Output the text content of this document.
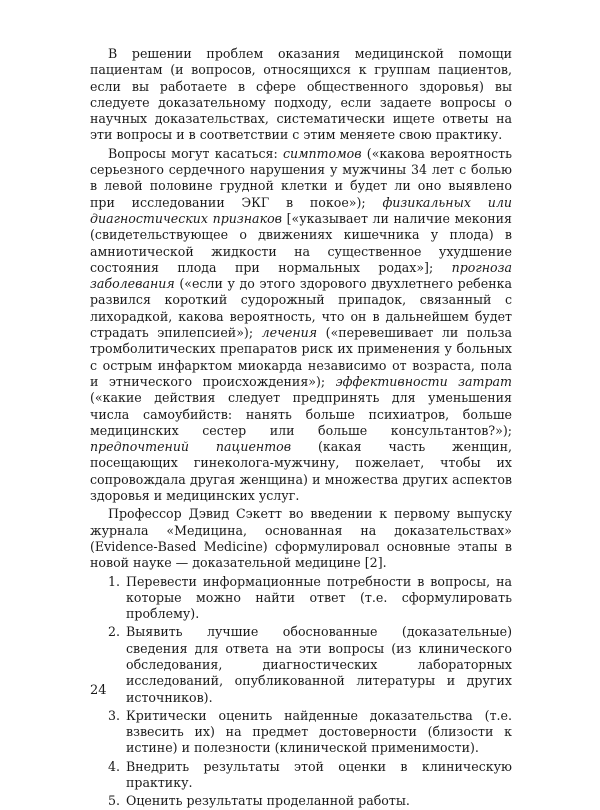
В решении проблем оказания медицинской помощи пациентам (и вопросов, относящихся к группам пациентов, если вы работаете в сфере общественного здоровья) вы следуете доказательному подходу, если задаете вопросы о научных доказательствах, систематически ищете ответы на эти вопросы и в соответствии с этим меняете свою практику.

Вопросы могут касаться: симптомов («какова вероятность серьезного сердечного нарушения у мужчины 34 лет с болью в левой половине грудной клетки и будет ли оно выявлено при исследовании ЭКГ в покое»); физикальных или диагностических признаков [«указывает ли наличие мекония (свидетельствующее о движениях кишечника у плода) в амниотической жидкости на существенное ухудшение состояния плода при нормальных родах»]; прогноза заболевания («если у до этого здорового двухлетнего ребенка развился короткий судорожный припадок, связанный с лихорадкой, какова вероятность, что он в дальнейшем будет страдать эпилепсией»); лечения («перевешивает ли польза тромболитических препаратов риск их применения у больных с острым инфарктом миокарда независимо от возраста, пола и этнического происхождения»); эффективности затрат («какие действия следует предпринять для уменьшения числа самоубийств: нанять больше психиатров, больше медицинских сестер или больше консультантов?»); предпочтений пациентов (какая часть женщин, посещающих гинеколога-мужчину, пожелает, чтобы их сопровождала другая женщина) и множества других аспектов здоровья и медицинских услуг.

Профессор Дэвид Сэкетт во введении к первому выпуску журнала «Медицина, основанная на доказательствах» (Evidence-Based Medicine) сформулировал основные этапы в новой науке — доказательной медицине [2].

1. Перевести информационные потребности в вопросы, на которые можно найти ответ (т.е. сформулировать проблему).
2. Выявить лучшие обоснованные (доказательные) сведения для ответа на эти вопросы (из клинического обследования, диагностических лабораторных исследований, опубликованной литературы и других источников).
3. Критически оценить найденные доказательства (т.е. взвесить их) на предмет достоверности (близости к истине) и полезности (клинической применимости).
4. Внедрить результаты этой оценки в клиническую практику.
5. Оценить результаты проделанной работы.
24
